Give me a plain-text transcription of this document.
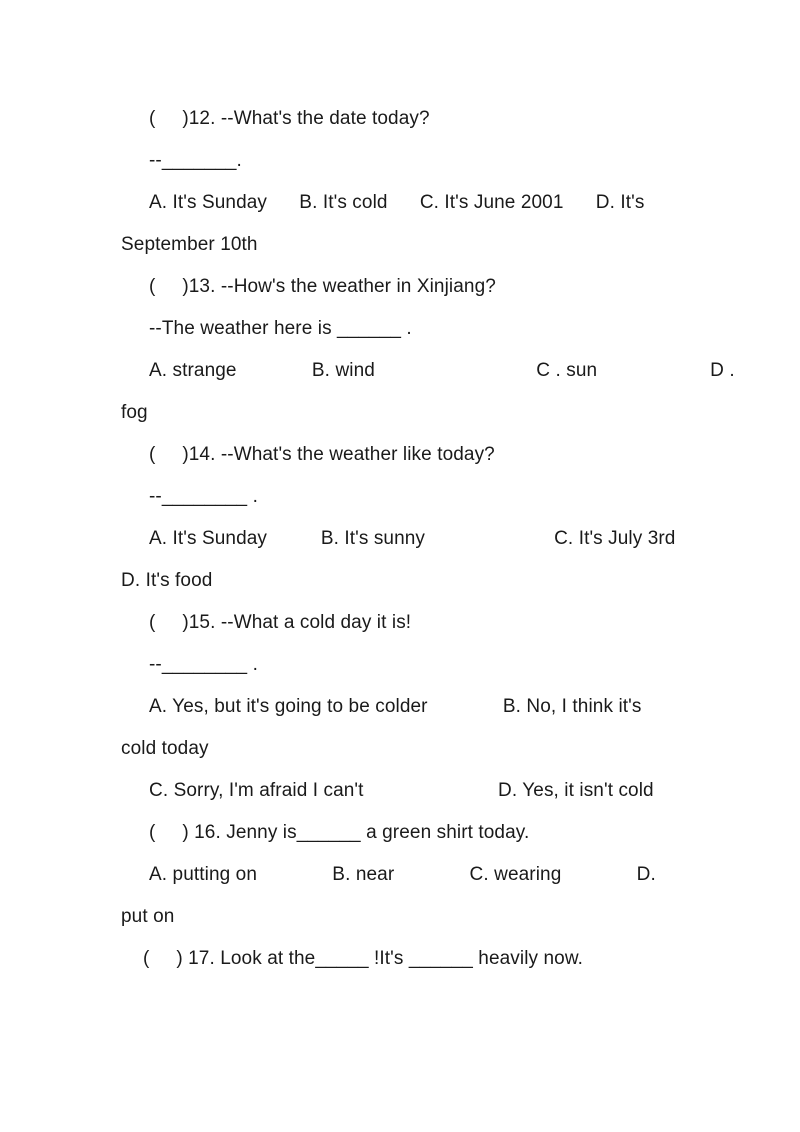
(     )12. --What's the date today?
--_______.
A. It's Sunday      B. It's cold      C. It's June 2001      D. It's
September 10th
(     )13. --How's the weather in Xinjiang?
--The weather here is ______ .
A. strange              B. wind                              C . sun                     D .
fog
(     )14. --What's the weather like today?
--________ .
A. It's Sunday          B. It's sunny                        C. It's July 3rd
D. It's food
(     )15. --What a cold day it is!
--________ .
A. Yes, but it's going to be colder              B. No, I think it's
cold today
C. Sorry, I'm afraid I can't                         D. Yes, it isn't cold
(     ) 16. Jenny is______ a green shirt today.
A. putting on              B. near              C. wearing              D.
put on
(     ) 17. Look at the_____ !It's ______ heavily now.
